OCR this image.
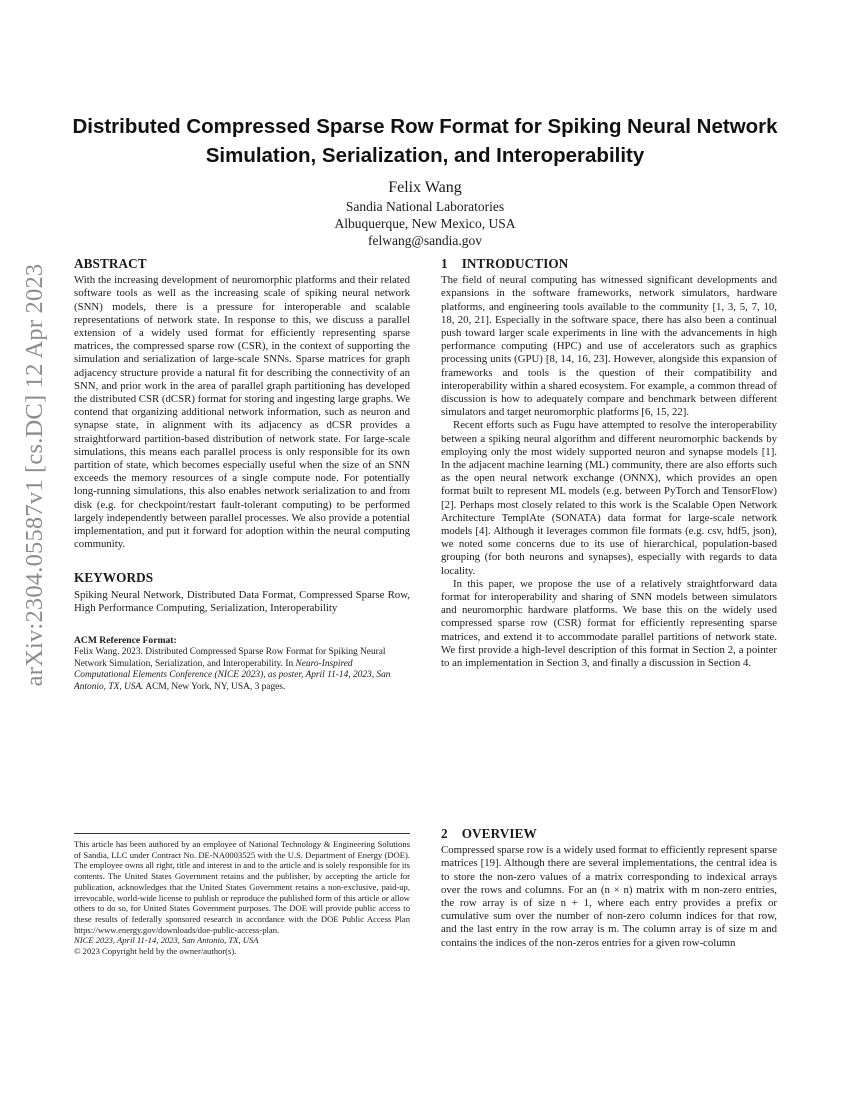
arXiv:2304.05587v1 [cs.DC] 12 Apr 2023
Distributed Compressed Sparse Row Format for Spiking Neural Network Simulation, Serialization, and Interoperability
Felix Wang
Sandia National Laboratories
Albuquerque, New Mexico, USA
felwang@sandia.gov
ABSTRACT

With the increasing development of neuromorphic platforms and their related software tools as well as the increasing scale of spiking neural network (SNN) models, there is a pressure for interoperable and scalable representations of network state. In response to this, we discuss a parallel extension of a widely used format for efficiently representing sparse matrices, the compressed sparse row (CSR), in the context of supporting the simulation and serialization of large-scale SNNs. Sparse matrices for graph adjacency structure provide a natural fit for describing the connectivity of an SNN, and prior work in the area of parallel graph partitioning has developed the distributed CSR (dCSR) format for storing and ingesting large graphs. We contend that organizing additional network information, such as neuron and synapse state, in alignment with its adjacency as dCSR provides a straightforward partition-based distribution of network state. For large-scale simulations, this means each parallel process is only responsible for its own partition of state, which becomes especially useful when the size of an SNN exceeds the memory resources of a single compute node. For potentially long-running simulations, this also enables network serialization to and from disk (e.g. for checkpoint/restart fault-tolerant computing) to be performed largely independently between parallel processes. We also provide a potential implementation, and put it forward for adoption within the neural computing community.

KEYWORDS

Spiking Neural Network, Distributed Data Format, Compressed Sparse Row, High Performance Computing, Serialization, Interoperability

ACM Reference Format:

Felix Wang. 2023. Distributed Compressed Sparse Row Format for Spiking Neural Network Simulation, Serialization, and Interoperability. In Neuro-Inspired Computational Elements Conference (NICE 2023), as poster, April 11-14, 2023, San Antonio, TX, USA. ACM, New York, NY, USA, 3 pages.

This article has been authored by an employee of National Technology & Engineering Solutions of Sandia, LLC under Contract No. DE-NA0003525 with the U.S. Department of Energy (DOE). The employee owns all right, title and interest in and to the article and is solely responsible for its contents. The United States Government retains and the publisher, by accepting the article for publication, acknowledges that the United States Government retains a non-exclusive, paid-up, irrevocable, world-wide license to publish or reproduce the published form of this article or allow others to do so, for United States Government purposes. The DOE will provide public access to these results of federally sponsored research in accordance with the DOE Public Access Plan https://www.energy.gov/downloads/doe-public-access-plan.

NICE 2023, April 11-14, 2023, San Antonio, TX, USA

© 2023 Copyright held by the owner/author(s).

1 INTRODUCTION

The field of neural computing has witnessed significant developments and expansions in the software frameworks, network simulators, hardware platforms, and engineering tools available to the community [1, 3, 5, 7, 10, 18, 20, 21]. Especially in the software space, there has also been a continual push toward larger scale experiments in line with the advancements in high performance computing (HPC) and use of accelerators such as graphics processing units (GPU) [8, 14, 16, 23]. However, alongside this expansion of frameworks and tools is the question of their compatibility and interoperability within a shared ecosystem. For example, a common thread of discussion is how to adequately compare and benchmark between different simulators and target neuromorphic platforms [6, 15, 22].

Recent efforts such as Fugu have attempted to resolve the interoperability between a spiking neural algorithm and different neuromorphic backends by employing only the most widely supported neuron and synapse models [1]. In the adjacent machine learning (ML) community, there are also efforts such as the open neural network exchange (ONNX), which provides an open format built to represent ML models (e.g. between PyTorch and TensorFlow) [2]. Perhaps most closely related to this work is the Scalable Open Network Architecture TemplAte (SONATA) data format for large-scale network models [4]. Although it leverages common file formats (e.g. csv, hdf5, json), we noted some concerns due to its use of hierarchical, population-based grouping (for both neurons and synapses), especially with regards to data locality.

In this paper, we propose the use of a relatively straightforward data format for interoperability and sharing of SNN models between simulators and neuromorphic hardware platforms. We base this on the widely used compressed sparse row (CSR) format for efficiently representing sparse matrices, and extend it to accommodate parallel partitions of network state. We first provide a high-level description of this format in Section 2, a pointer to an implementation in Section 3, and finally a discussion in Section 4.

2 OVERVIEW

Compressed sparse row is a widely used format to efficiently represent sparse matrices [19]. Although there are several implementations, the central idea is to store the non-zero values of a matrix corresponding to indexical arrays over the rows and columns. For an (n × n) matrix with m non-zero entries, the row array is of size n + 1, where each entry provides a prefix or cumulative sum over the number of non-zero column indices for that row, and the last entry in the row array is m. The column array is of size m and contains the indices of the non-zeros entries for a given row-column
